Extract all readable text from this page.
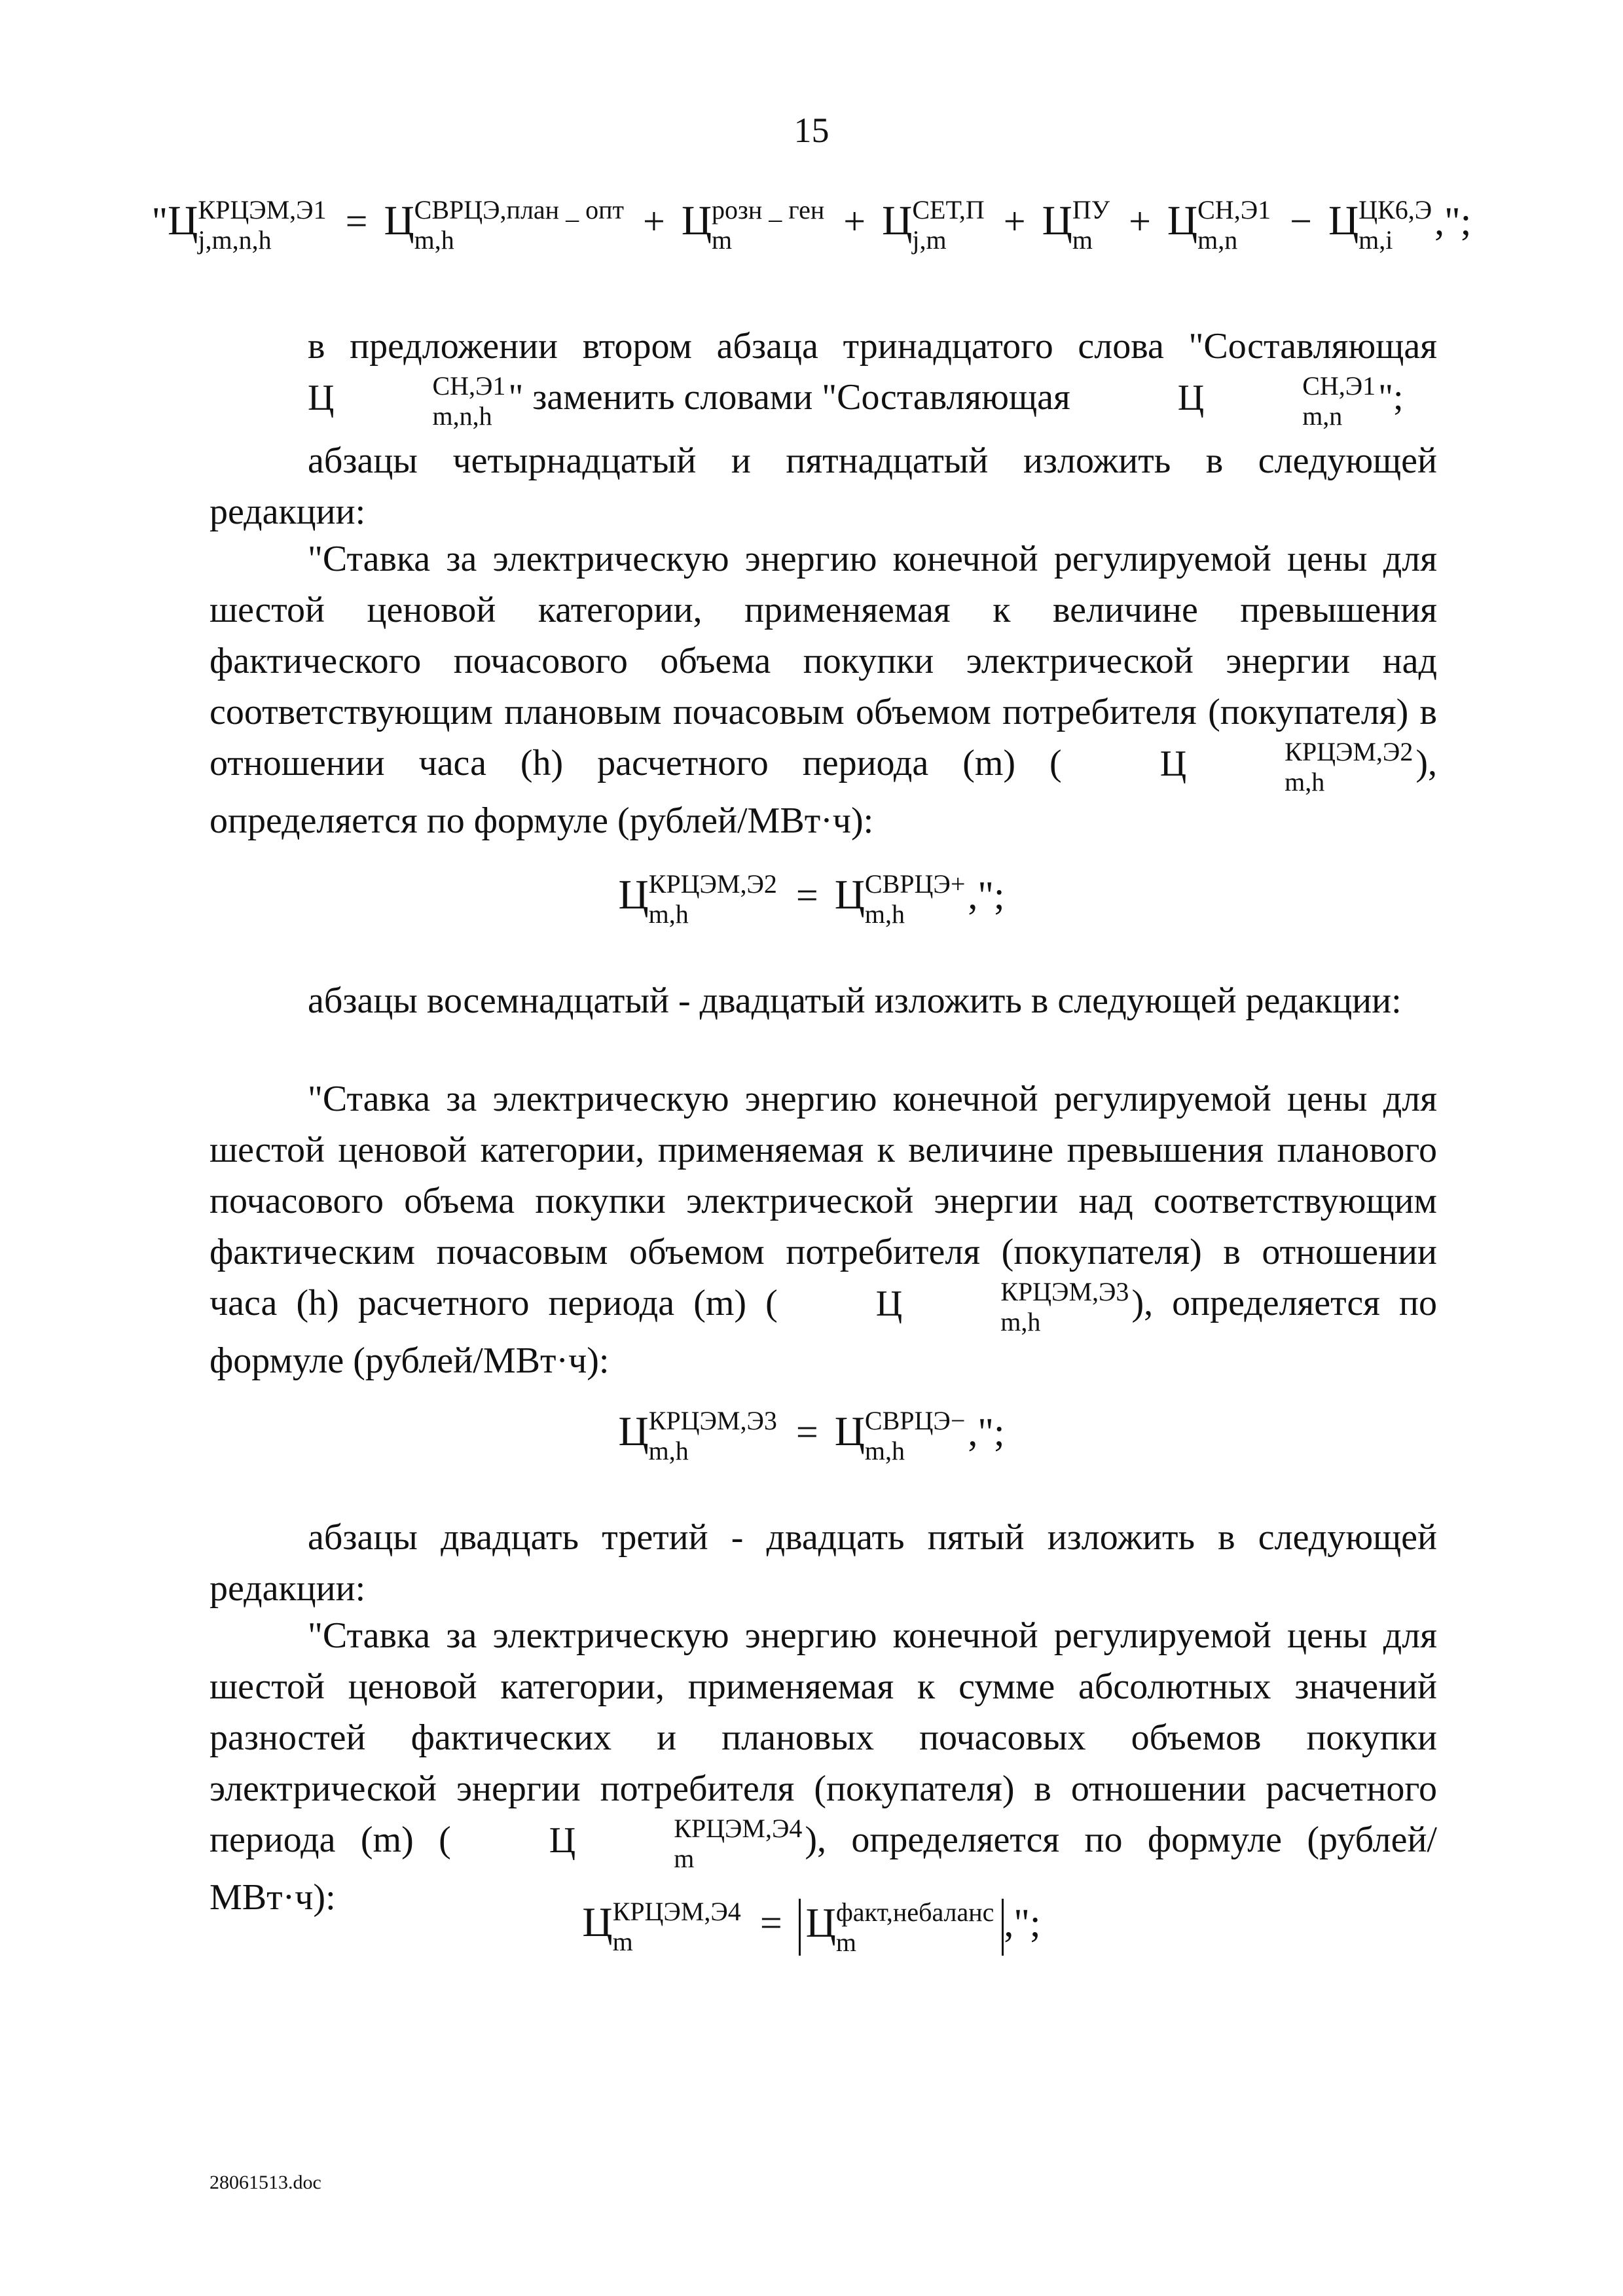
15
"Ц КРЦЭМ,Э1
j,m,n,h	= Ц СВРЦЭ,план _ опт
m,h	+ Ц розн _ ген
m	+ Ц СЕТ,П
j,m	+ Ц ПУ
m + Ц СН,Э1
m,n	− Ц ЦК6,Э
m,i	,";
в предложении втором абзаца тринадцатого слова "Составляющая Ц	СН,Э1
m,n,h " заменить словами "Составляющая	Ц	СН,Э1
m,n ";
абзацы четырнадцатый и пятнадцатый изложить в следующей редакции:
"Ставка за электрическую энергию конечной регулируемой цены для шестой ценовой категории, применяемая к величине превышения фактического почасового объема покупки электрической энергии над соответствующим плановым почасовым объемом потребителя (покупателя) в отношении часа (h) расчетного периода (m) (	Ц	КРЦЭМ,Э2
m,h	), определяется по формуле (рублей/МВт·ч):
Ц КРЦЭМ,Э2
m,h	= Ц СВРЦЭ+
m,h	,";
абзацы восемнадцатый - двадцатый изложить в следующей редакции:
"Ставка за электрическую энергию конечной регулируемой цены для шестой ценовой категории, применяемая к величине превышения планового почасового объема покупки электрической энергии над соответствующим фактическим почасовым объемом потребителя (покупателя) в отношении часа (h) расчетного периода (m) (	Ц	КРЦЭМ,Э3
m,h	), определяется по формуле (рублей/МВт·ч):
Ц КРЦЭМ,Э3
m,h	= Ц СВРЦЭ−
m,h	,";
абзацы двадцать третий - двадцать пятый изложить в следующей редакции:
"Ставка за электрическую энергию конечной регулируемой цены для шестой ценовой категории, применяемая к сумме абсолютных значений разностей фактических и плановых почасовых объемов покупки электрической энергии потребителя (покупателя) в отношении расчетного периода (m) (	Ц	КРЦЭМ,Э4
m	), определяется по формуле (рублей/МВт·ч):
Ц КРЦЭМ,Э4
m	= Ц факт,небаланс
m	,";
28061513.doc
